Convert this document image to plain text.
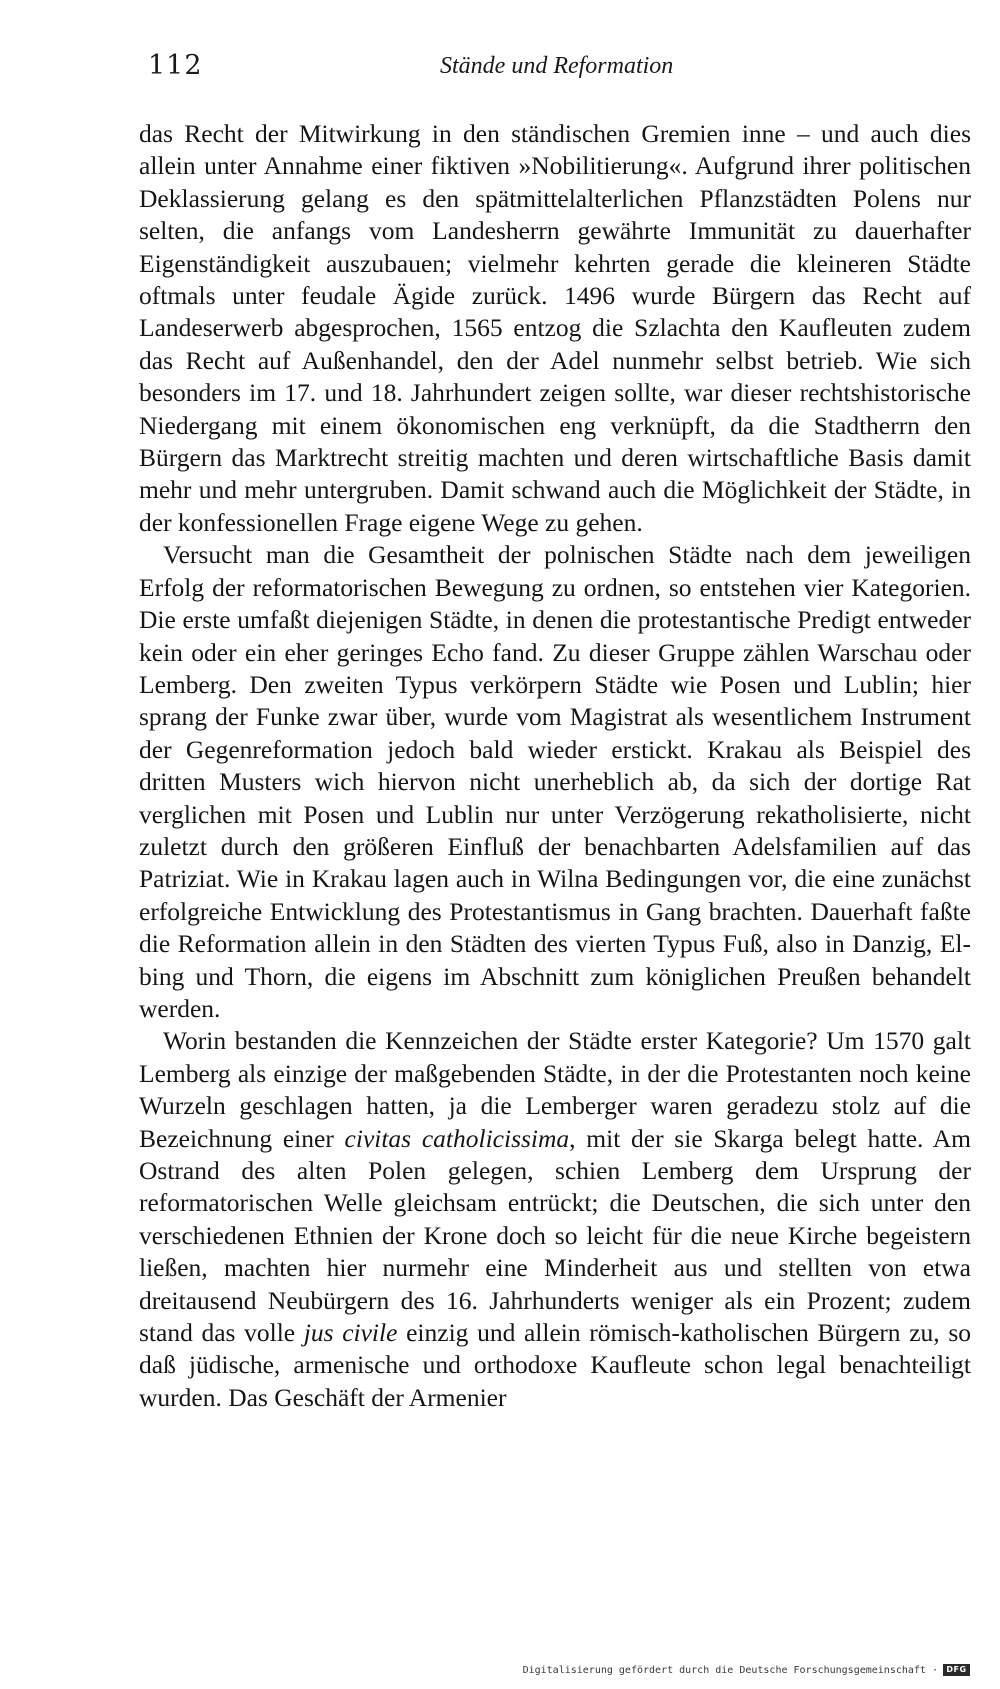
112	Stände und Reformation

das Recht der Mitwirkung in den ständischen Gremien inne – und auch dies allein unter Annahme einer fiktiven »Nobilitierung«. Aufgrund ihrer politischen Deklassierung gelang es den spätmittelalterlichen Pflanzstädten Polens nur selten, die anfangs vom Landesherrn gewährte Immunität zu dauerhafter Eigenständigkeit auszubauen; vielmehr kehrten gerade die kleineren Städte oftmals unter feudale Ägide zurück. 1496 wurde Bürgern das Recht auf Landeserwerb abgesprochen, 1565 entzog die Szlachta den Kaufleuten zudem das Recht auf Außenhandel, den der Adel nunmehr selbst betrieb. Wie sich besonders im 17. und 18. Jahrhundert zeigen sollte, war dieser rechtshistorische Niedergang mit einem ökonomischen eng verknüpft, da die Stadtherrn den Bürgern das Marktrecht streitig machten und deren wirtschaftliche Basis damit mehr und mehr untergruben. Damit schwand auch die Möglichkeit der Städte, in der konfessionellen Frage eigene Wege zu gehen.

Versucht man die Gesamtheit der polnischen Städte nach dem jeweiligen Erfolg der reformatorischen Bewegung zu ordnen, so entstehen vier Kategorien. Die erste umfaßt diejenigen Städte, in denen die protestantische Predigt entweder kein oder ein eher geringes Echo fand. Zu dieser Gruppe zählen Warschau oder Lemberg. Den zweiten Typus verkörpern Städte wie Posen und Lublin; hier sprang der Funke zwar über, wurde vom Magistrat als wesentlichem Instrument der Gegenreformation jedoch bald wieder erstickt. Krakau als Beispiel des dritten Musters wich hiervon nicht unerheblich ab, da sich der dortige Rat verglichen mit Posen und Lublin nur unter Verzögerung rekatholisierte, nicht zuletzt durch den größeren Einfluß der benachbarten Adelsfamilien auf das Patriziat. Wie in Krakau lagen auch in Wilna Bedingungen vor, die eine zunächst erfolgreiche Entwicklung des Protestantismus in Gang brachten. Dauerhaft faßte die Reformation allein in den Städten des vierten Typus Fuß, also in Danzig, Elbing und Thorn, die eigens im Abschnitt zum königlichen Preußen behandelt werden.

Worin bestanden die Kennzeichen der Städte erster Kategorie? Um 1570 galt Lemberg als einzige der maßgebenden Städte, in der die Protestanten noch keine Wurzeln geschlagen hatten, ja die Lemberger waren geradezu stolz auf die Bezeichnung einer civitas catholicissima, mit der sie Skarga belegt hatte. Am Ostrand des alten Polen gelegen, schien Lemberg dem Ursprung der reformatorischen Welle gleichsam entrückt; die Deutschen, die sich unter den verschiedenen Ethnien der Krone doch so leicht für die neue Kirche begeistern ließen, machten hier nurmehr eine Minderheit aus und stellten von etwa dreitausend Neubürgern des 16. Jahrhunderts weniger als ein Prozent; zudem stand das volle jus civile einzig und allein römisch-katholischen Bürgern zu, so daß jüdische, armenische und orthodoxe Kaufleute schon legal benachteiligt wurden. Das Geschäft der Armenier

Digitalisierung gefördert durch die Deutsche Forschungsgemeinschaft ·	DFG
